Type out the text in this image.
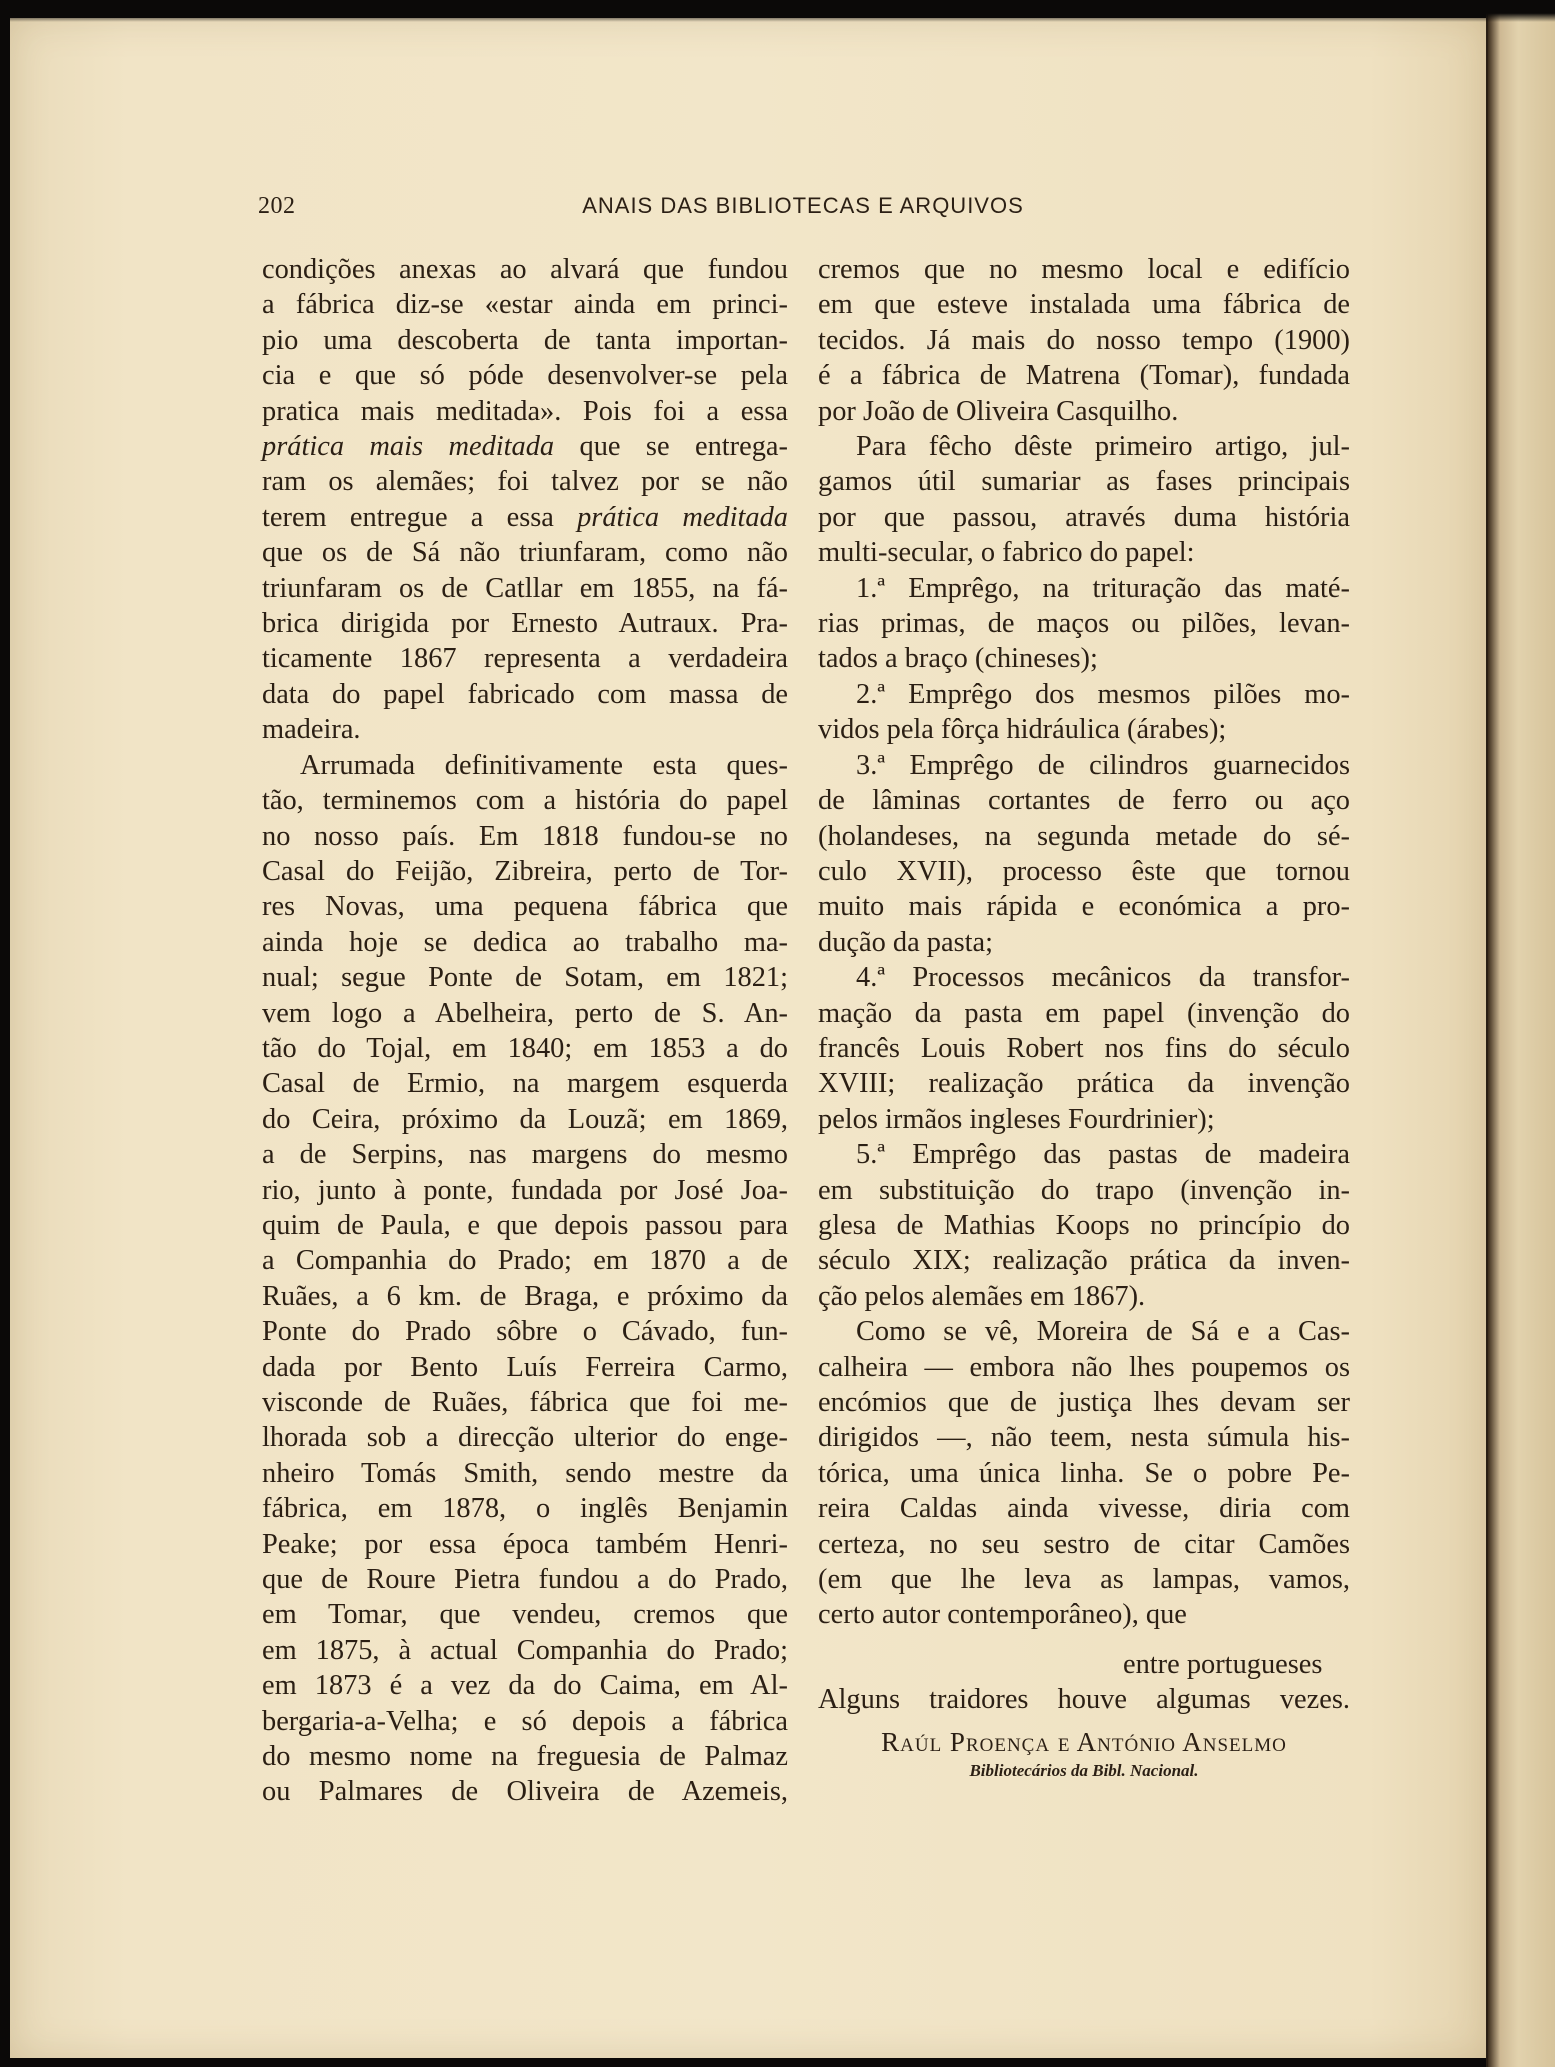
202	ANAIS DAS BIBLIOTECAS E ARQUIVOS
condições anexas ao alvará que fundou
a fábrica diz-se «estar ainda em princi-
pio uma descoberta de tanta importan-
cia e que só póde desenvolver-se pela
pratica mais meditada». Pois foi a essa
prática mais meditada que se entrega-
ram os alemães; foi talvez por se não
terem entregue a essa prática meditada
que os de Sá não triunfaram, como não
triunfaram os de Catllar em 1855, na fá-
brica dirigida por Ernesto Autraux. Pra-
ticamente 1867 representa a verdadeira
data do papel fabricado com massa de
madeira.
Arrumada definitivamente esta ques-
tão, terminemos com a história do papel
no nosso país. Em 1818 fundou-se no
Casal do Feijão, Zibreira, perto de Tor-
res Novas, uma pequena fábrica que
ainda hoje se dedica ao trabalho ma-
nual; segue Ponte de Sotam, em 1821;
vem logo a Abelheira, perto de S. An-
tão do Tojal, em 1840; em 1853 a do
Casal de Ermio, na margem esquerda
do Ceira, próximo da Louzã; em 1869,
a de Serpins, nas margens do mesmo
rio, junto à ponte, fundada por José Joa-
quim de Paula, e que depois passou para
a Companhia do Prado; em 1870 a de
Ruães, a 6 km. de Braga, e próximo da
Ponte do Prado sôbre o Cávado, fun-
dada por Bento Luís Ferreira Carmo,
visconde de Ruães, fábrica que foi me-
lhorada sob a direcção ulterior do enge-
nheiro Tomás Smith, sendo mestre da
fábrica, em 1878, o inglês Benjamin
Peake; por essa época também Henri-
que de Roure Pietra fundou a do Prado,
em Tomar, que vendeu, cremos que
em 1875, à actual Companhia do Prado;
em 1873 é a vez da do Caima, em Al-
bergaria-a-Velha; e só depois a fábrica
do mesmo nome na freguesia de Palmaz
ou Palmares de Oliveira de Azemeis,
cremos que no mesmo local e edifício
em que esteve instalada uma fábrica de
tecidos. Já mais do nosso tempo (1900)
é a fábrica de Matrena (Tomar), fundada
por João de Oliveira Casquilho.
Para fêcho dêste primeiro artigo, jul-
gamos útil sumariar as fases principais
por que passou, através duma história
multi-secular, o fabrico do papel:
1.ª Emprêgo, na trituração das maté-
rias primas, de maços ou pilões, levan-
tados a braço (chineses);
2.ª Emprêgo dos mesmos pilões mo-
vidos pela fôrça hidráulica (árabes);
3.ª Emprêgo de cilindros guarnecidos
de lâminas cortantes de ferro ou aço
(holandeses, na segunda metade do sé-
culo XVII), processo êste que tornou
muito mais rápida e económica a pro-
dução da pasta;
4.ª Processos mecânicos da transfor-
mação da pasta em papel (invenção do
francês Louis Robert nos fins do século
XVIII; realização prática da invenção
pelos irmãos ingleses Fourdrinier);
5.ª Emprêgo das pastas de madeira
em substituição do trapo (invenção in-
glesa de Mathias Koops no princípio do
século XIX; realização prática da inven-
ção pelos alemães em 1867).
Como se vê, Moreira de Sá e a Cas-
calheira — embora não lhes poupemos os
encómios que de justiça lhes devam ser
dirigidos —, não teem, nesta súmula his-
tórica, uma única linha. Se o pobre Pe-
reira Caldas ainda vivesse, diria com
certeza, no seu sestro de citar Camões
(em que lhe leva as lampas, vamos,
certo autor contemporâneo), que
entre portugueses
Alguns traidores houve algumas vezes.
Raúl Proença e António Anselmo
Bibliotecários da Bibl. Nacional.
